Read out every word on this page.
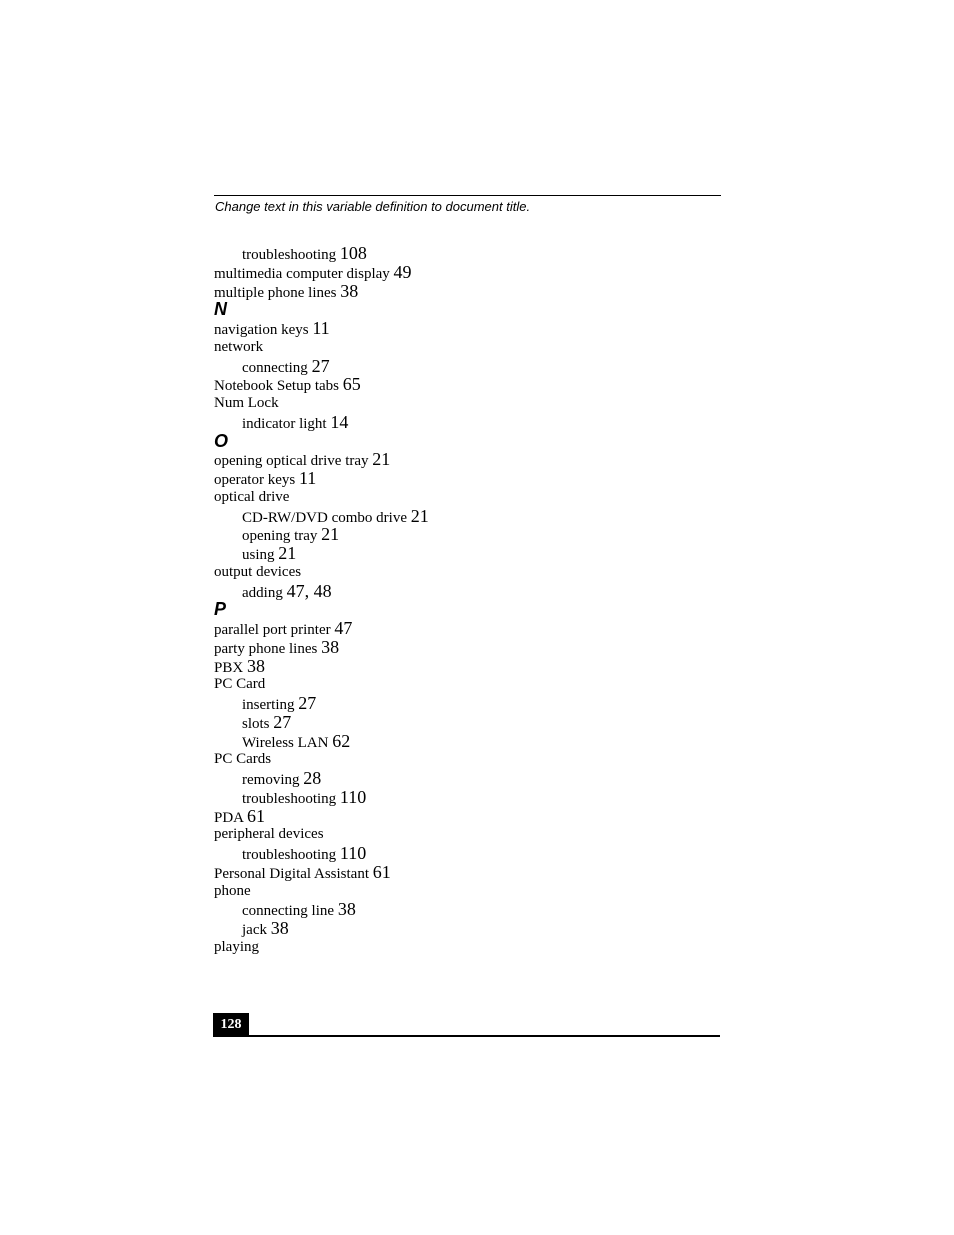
Change text in this variable definition to document title.
troubleshooting 108
multimedia computer display 49
multiple phone lines 38
N
navigation keys 11
network
connecting 27
Notebook Setup tabs 65
Num Lock
indicator light 14
O
opening optical drive tray 21
operator keys 11
optical drive
CD-RW/DVD combo drive 21
opening tray 21
using 21
output devices
adding 47, 48
P
parallel port printer 47
party phone lines 38
PBX 38
PC Card
inserting 27
slots 27
Wireless LAN 62
PC Cards
removing 28
troubleshooting 110
PDA 61
peripheral devices
troubleshooting 110
Personal Digital Assistant 61
phone
connecting line 38
jack 38
playing
128
